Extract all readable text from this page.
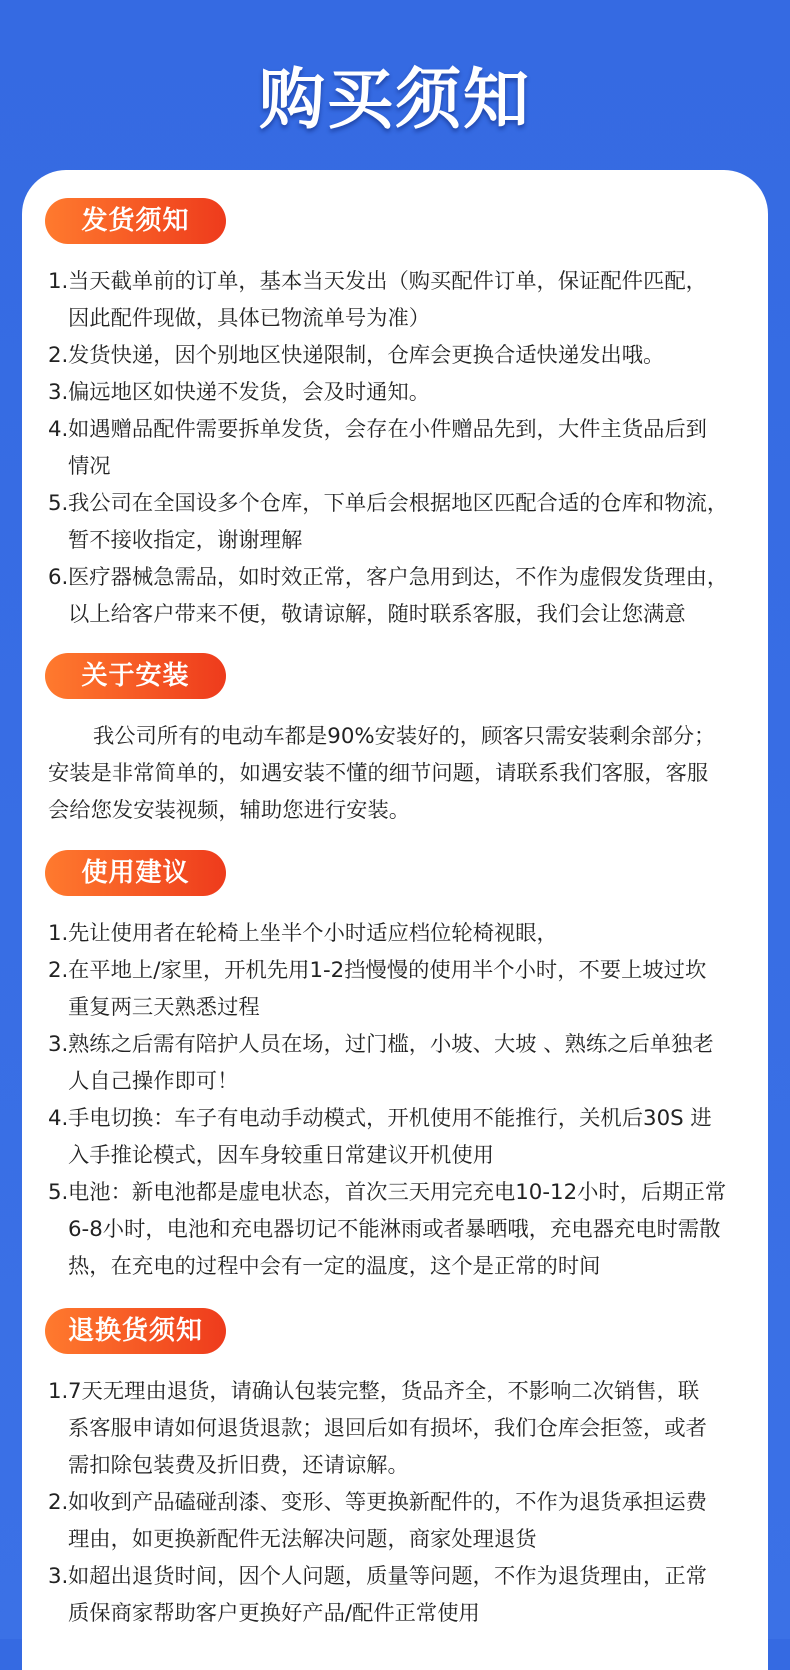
购买须知
发货须知
1. 当天截单前的订单，基本当天发出（购买配件订单，保证配件匹配，
因此配件现做，具体已物流单号为准）
2. 发货快递，因个别地区快递限制，仓库会更换合适快递发出哦。
3. 偏远地区如快递不发货，会及时通知。
4. 如遇赠品配件需要拆单发货，会存在小件赠品先到，大件主货品后到
情况
5. 我公司在全国设多个仓库，下单后会根据地区匹配合适的仓库和物流，
暂不接收指定，谢谢理解
6. 医疗器械急需品，如时效正常，客户急用到达，不作为虚假发货理由，
以上给客户带来不便，敬请谅解，随时联系客服，我们会让您满意
关于安装
我公司所有的电动车都是90%安装好的，顾客只需安装剩余部分；
安装是非常简单的，如遇安装不懂的细节问题，请联系我们客服，客服
会给您发安装视频，辅助您进行安装。
使用建议
1. 先让使用者在轮椅上坐半个小时适应档位轮椅视眼，
2. 在平地上/家里，开机先用1-2挡慢慢的使用半个小时，不要上坡过坎
重复两三天熟悉过程
3. 熟练之后需有陪护人员在场，过门槛，小坡、大坡 、熟练之后单独老
人自己操作即可！
4. 手电切换：车子有电动手动模式，开机使用不能推行，关机后30S 进
入手推论模式，因车身较重日常建议开机使用
5. 电池：新电池都是虚电状态，首次三天用完充电10-12小时，后期正常
6-8小时，电池和充电器切记不能淋雨或者暴晒哦，充电器充电时需散
热，在充电的过程中会有一定的温度，这个是正常的时间
退换货须知
1. 7天无理由退货，请确认包装完整，货品齐全，不影响二次销售，联
系客服申请如何退货退款；退回后如有损坏，我们仓库会拒签，或者
需扣除包装费及折旧费，还请谅解。
2. 如收到产品磕碰刮漆、变形、等更换新配件的，不作为退货承担运费
理由，如更换新配件无法解决问题，商家处理退货
3. 如超出退货时间，因个人问题，质量等问题，不作为退货理由，正常
质保商家帮助客户更换好产品/配件正常使用
